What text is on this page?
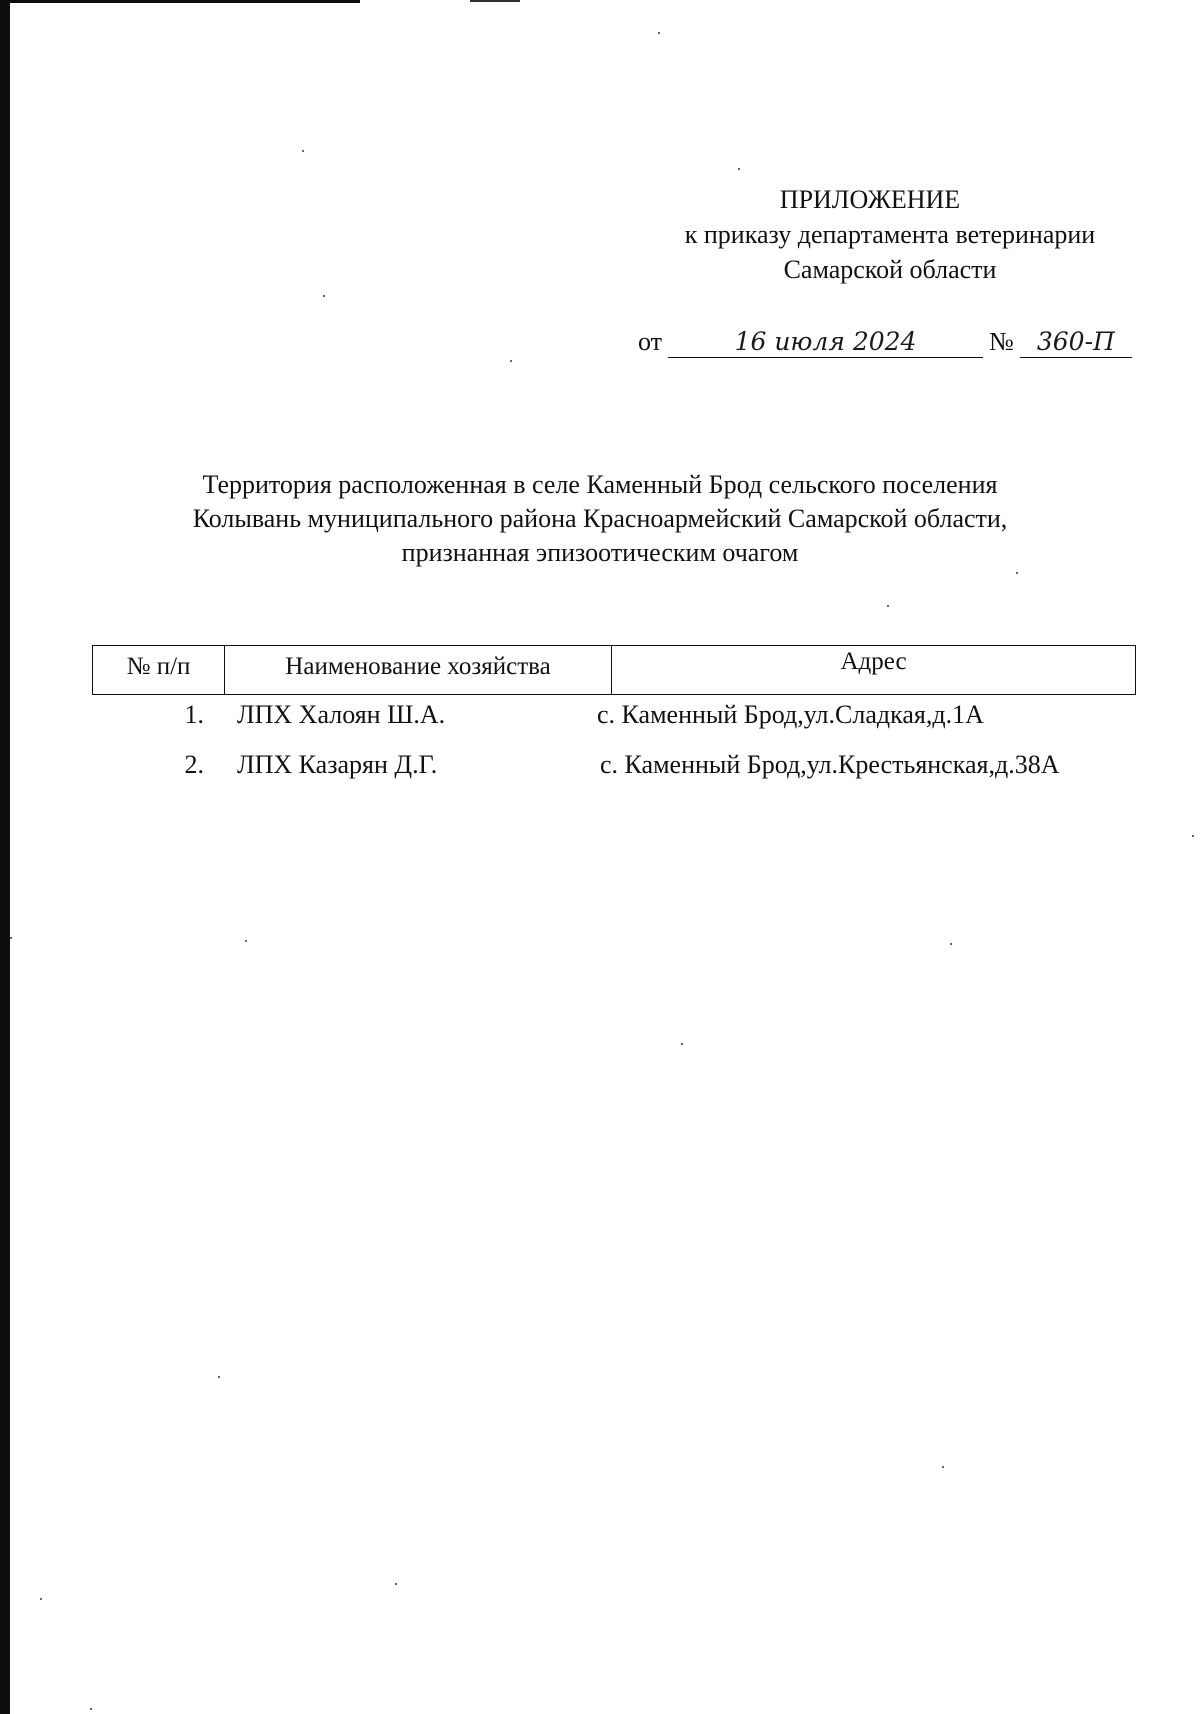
ПРИЛОЖЕНИЕ
к приказу департамента ветеринарии
Самарской области
от	16 июля 2024	№ 360-П
Территория расположенная в селе Каменный Брод сельского поселения
Колывань муниципального района Красноармейский Самарской области,
признанная эпизоотическим очагом
№ п/п	Наименование хозяйства	Адрес
1. ЛПХ Халоян Ш.А.	с. Каменный Брод,ул.Сладкая,д.1А
2. ЛПХ Казарян Д.Г.	с. Каменный Брод,ул.Крестьянская,д.38А
